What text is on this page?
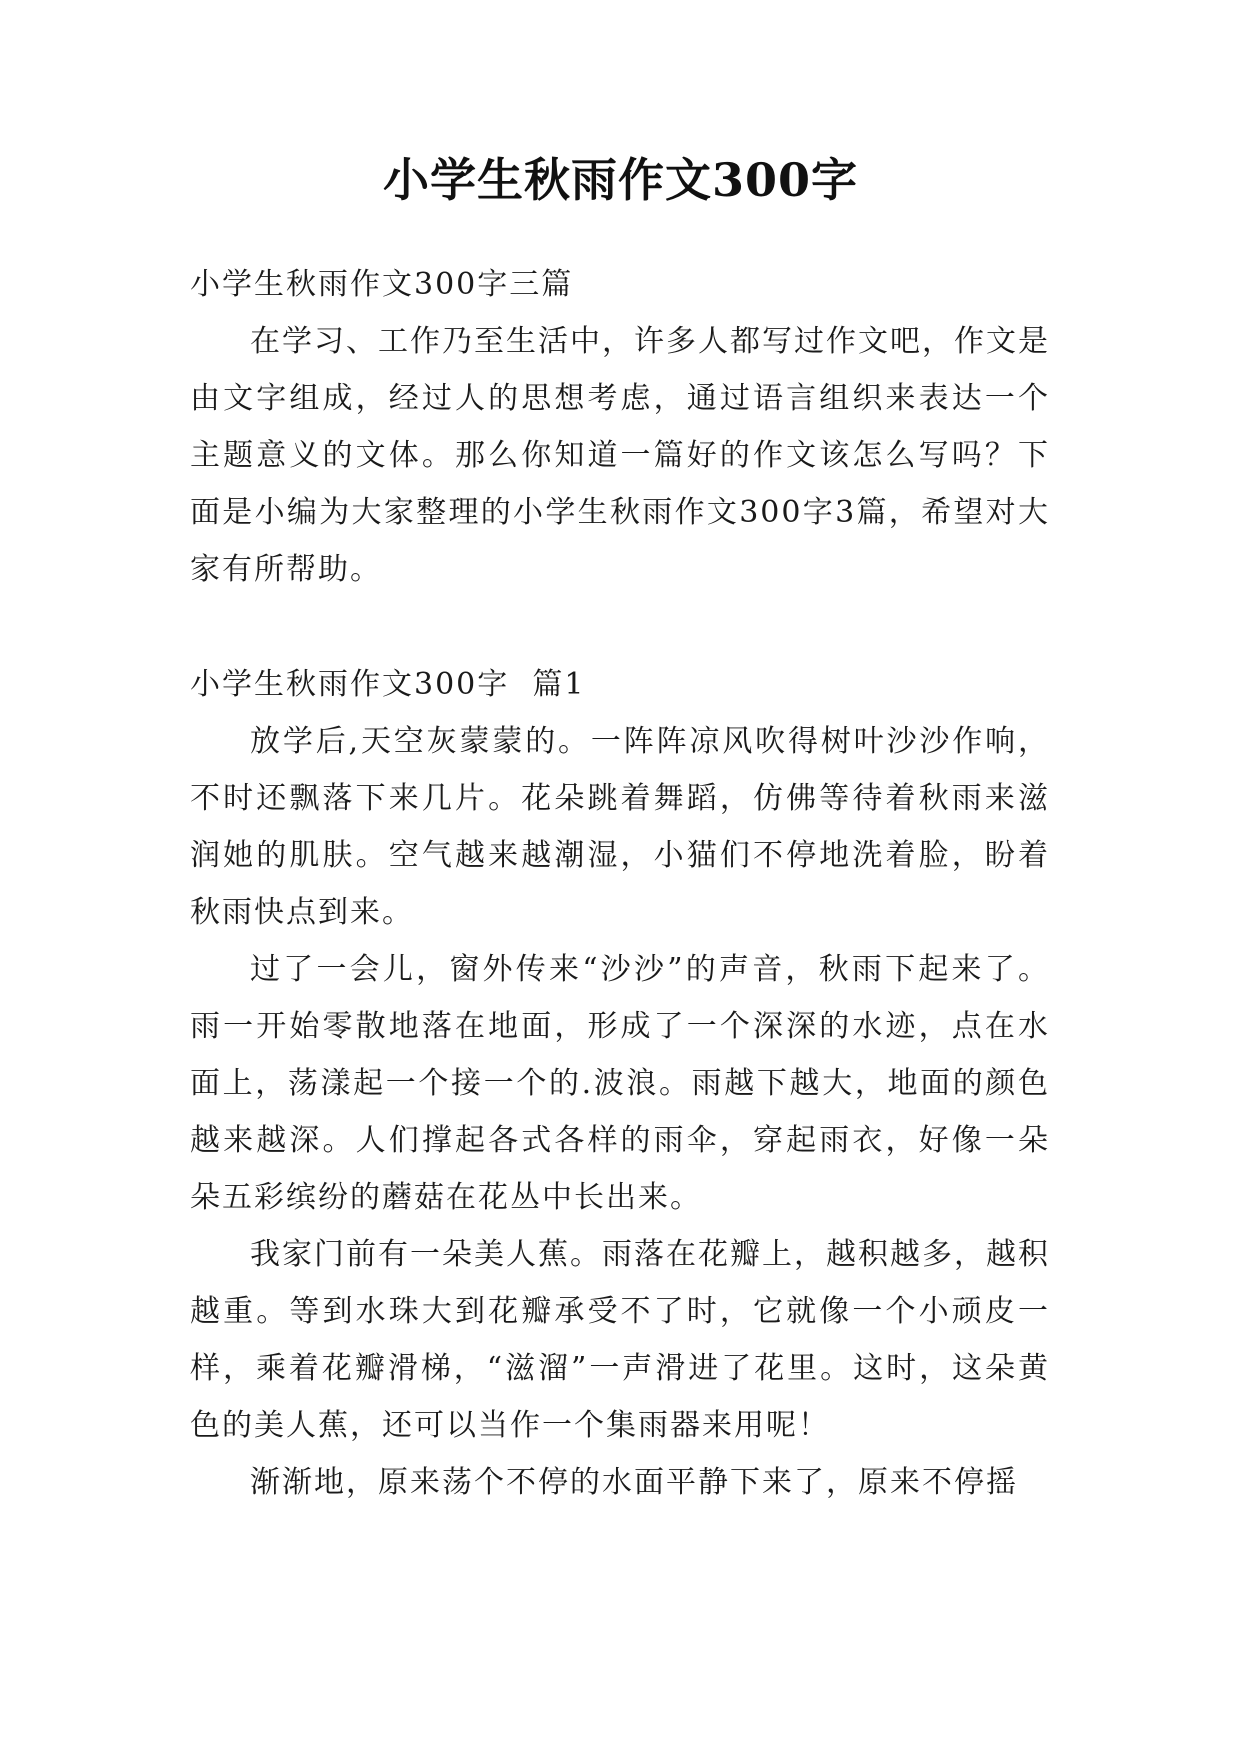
小学生秋雨作文300字

小学生秋雨作文300字三篇

在学习、工作乃至生活中，许多人都写过作文吧，作文是由文字组成，经过人的思想考虑，通过语言组织来表达一个主题意义的文体。那么你知道一篇好的作文该怎么写吗？下面是小编为大家整理的小学生秋雨作文300字3篇，希望对大家有所帮助。

小学生秋雨作文300字  篇1

放学后,天空灰蒙蒙的。一阵阵凉风吹得树叶沙沙作响，不时还飘落下来几片。花朵跳着舞蹈，仿佛等待着秋雨来滋润她的肌肤。空气越来越潮湿，小猫们不停地洗着脸，盼着秋雨快点到来。

过了一会儿，窗外传来“沙沙”的声音，秋雨下起来了。雨一开始零散地落在地面，形成了一个深深的水迹，点在水面上，荡漾起一个接一个的.波浪。雨越下越大，地面的颜色越来越深。人们撑起各式各样的雨伞，穿起雨衣，好像一朵朵五彩缤纷的蘑菇在花丛中长出来。

我家门前有一朵美人蕉。雨落在花瓣上，越积越多，越积越重。等到水珠大到花瓣承受不了时，它就像一个小顽皮一样，乘着花瓣滑梯，“滋溜”一声滑进了花里。这时，这朵黄色的美人蕉，还可以当作一个集雨器来用呢！

渐渐地，原来荡个不停的水面平静下来了，原来不停摇
